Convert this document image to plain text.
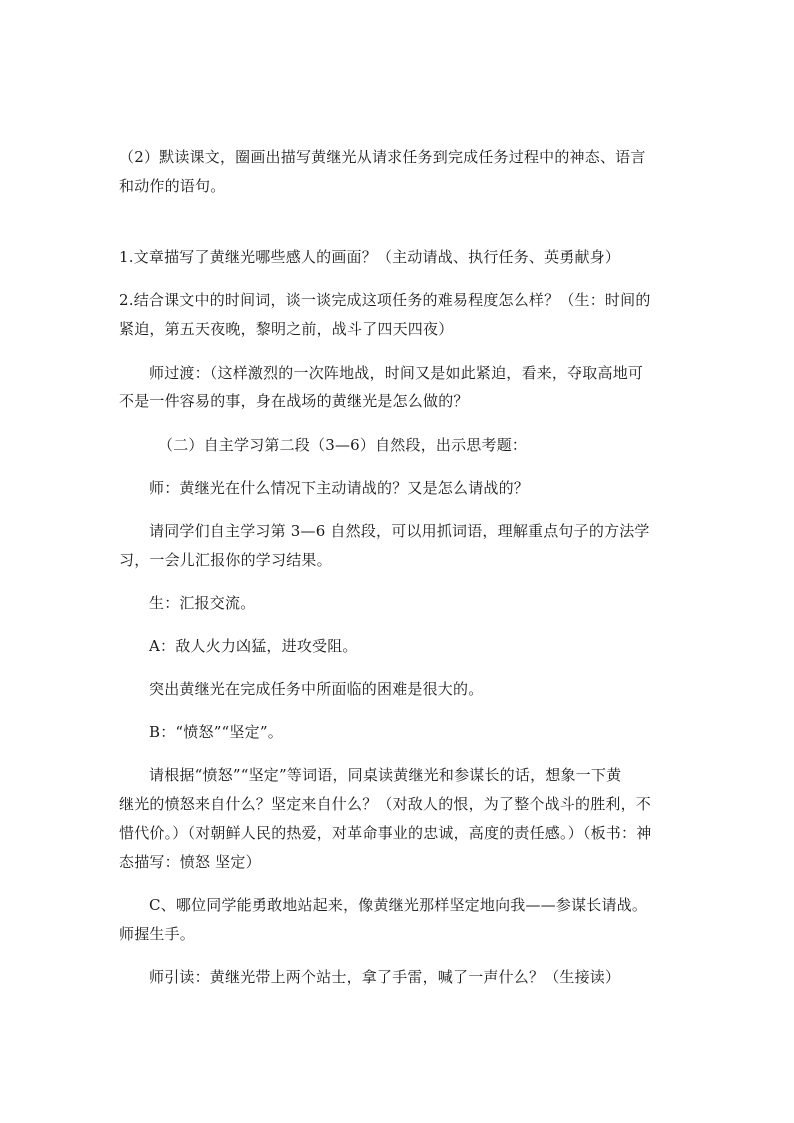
（2）默读课文，圈画出描写黄继光从请求任务到完成任务过程中的神态、语言
和动作的语句。
1.文章描写了黄继光哪些感人的画面？（主动请战、执行任务、英勇献身）
2.结合课文中的时间词，谈一谈完成这项任务的难易程度怎么样？（生：时间的
紧迫，第五天夜晚，黎明之前，战斗了四天四夜）
师过渡：（这样激烈的一次阵地战，时间又是如此紧迫，看来，夺取高地可
不是一件容易的事，身在战场的黄继光是怎么做的？
（二）自主学习第二段（3—6）自然段，出示思考题：
师：黄继光在什么情况下主动请战的？又是怎么请战的？
请同学们自主学习第 3—6 自然段，可以用抓词语，理解重点句子的方法学
习，一会儿汇报你的学习结果。
生：汇报交流。
A：敌人火力凶猛，进攻受阻。
突出黄继光在完成任务中所面临的困难是很大的。
B：“愤怒”“坚定”。
请根据“愤怒”“坚定”等词语，同桌读黄继光和参谋长的话，想象一下黄
继光的愤怒来自什么？坚定来自什么？（对敌人的恨，为了整个战斗的胜利，不
惜代价。）（对朝鲜人民的热爱，对革命事业的忠诚，高度的责任感。）（板书：神
态描写：愤怒 坚定）
C、哪位同学能勇敢地站起来，像黄继光那样坚定地向我——参谋长请战。
师握生手。
师引读：黄继光带上两个站士，拿了手雷，喊了一声什么？（生接读）
